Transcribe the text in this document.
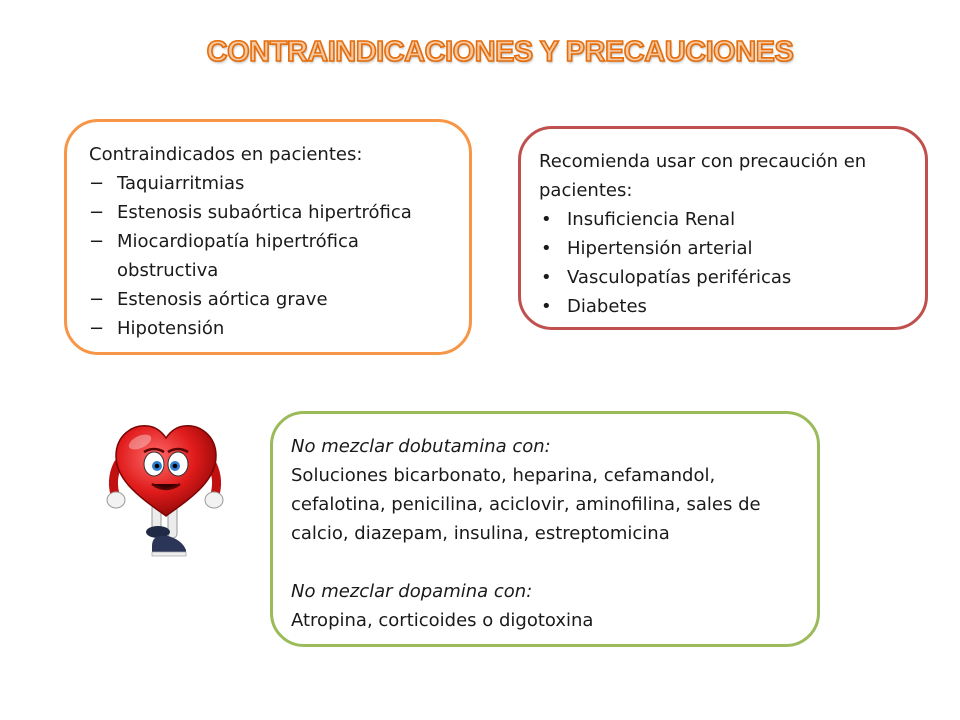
CONTRAINDICACIONES Y PRECAUCIONES
Contraindicados en pacientes:
− Taquiarritmias
− Estenosis subaórtica hipertrófica
− Miocardiopatía hipertrófica
obstructiva
− Estenosis aórtica grave
− Hipotensión
Recomienda usar con precaución en
pacientes:
• Insuficiencia Renal
• Hipertensión arterial
• Vasculopatías periféricas
• Diabetes
No mezclar dobutamina con:
Soluciones bicarbonato, heparina, cefamandol,
cefalotina, penicilina, aciclovir, aminofilina, sales de
calcio, diazepam, insulina, estreptomicina
No mezclar dopamina con:
Atropina, corticoides o digotoxina
